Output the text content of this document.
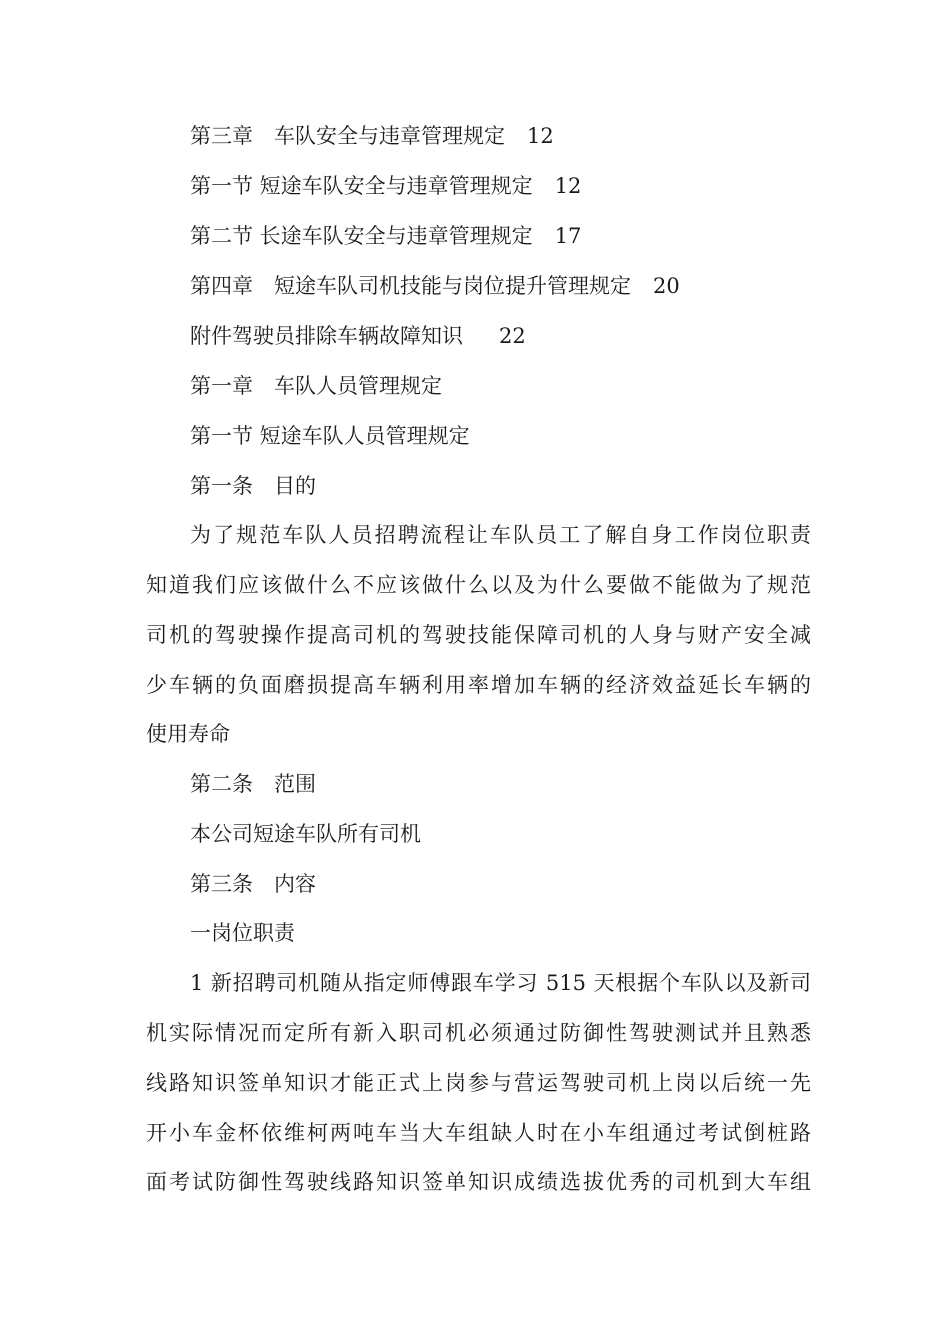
第三章　车队安全与违章管理规定 12
第一节 短途车队安全与违章管理规定 12
第二节 长途车队安全与违章管理规定 17
第四章　短途车队司机技能与岗位提升管理规定 20
附件驾驶员排除车辆故障知识 22
第一章　车队人员管理规定
第一节 短途车队人员管理规定
第一条　目的
为了规范车队人员招聘流程让车队员工了解自身工作岗位职责
知道我们应该做什么不应该做什么以及为什么要做不能做为了规范
司机的驾驶操作提高司机的驾驶技能保障司机的人身与财产安全减
少车辆的负面磨损提高车辆利用率增加车辆的经济效益延长车辆的
使用寿命
第二条　范围
本公司短途车队所有司机
第三条　内容
一岗位职责
1 新招聘司机随从指定师傅跟车学习 515 天根据个车队以及新司
机实际情况而定所有新入职司机必须通过防御性驾驶测试并且熟悉
线路知识签单知识才能正式上岗参与营运驾驶司机上岗以后统一先
开小车金杯依维柯两吨车当大车组缺人时在小车组通过考试倒桩路
面考试防御性驾驶线路知识签单知识成绩选拔优秀的司机到大车组
